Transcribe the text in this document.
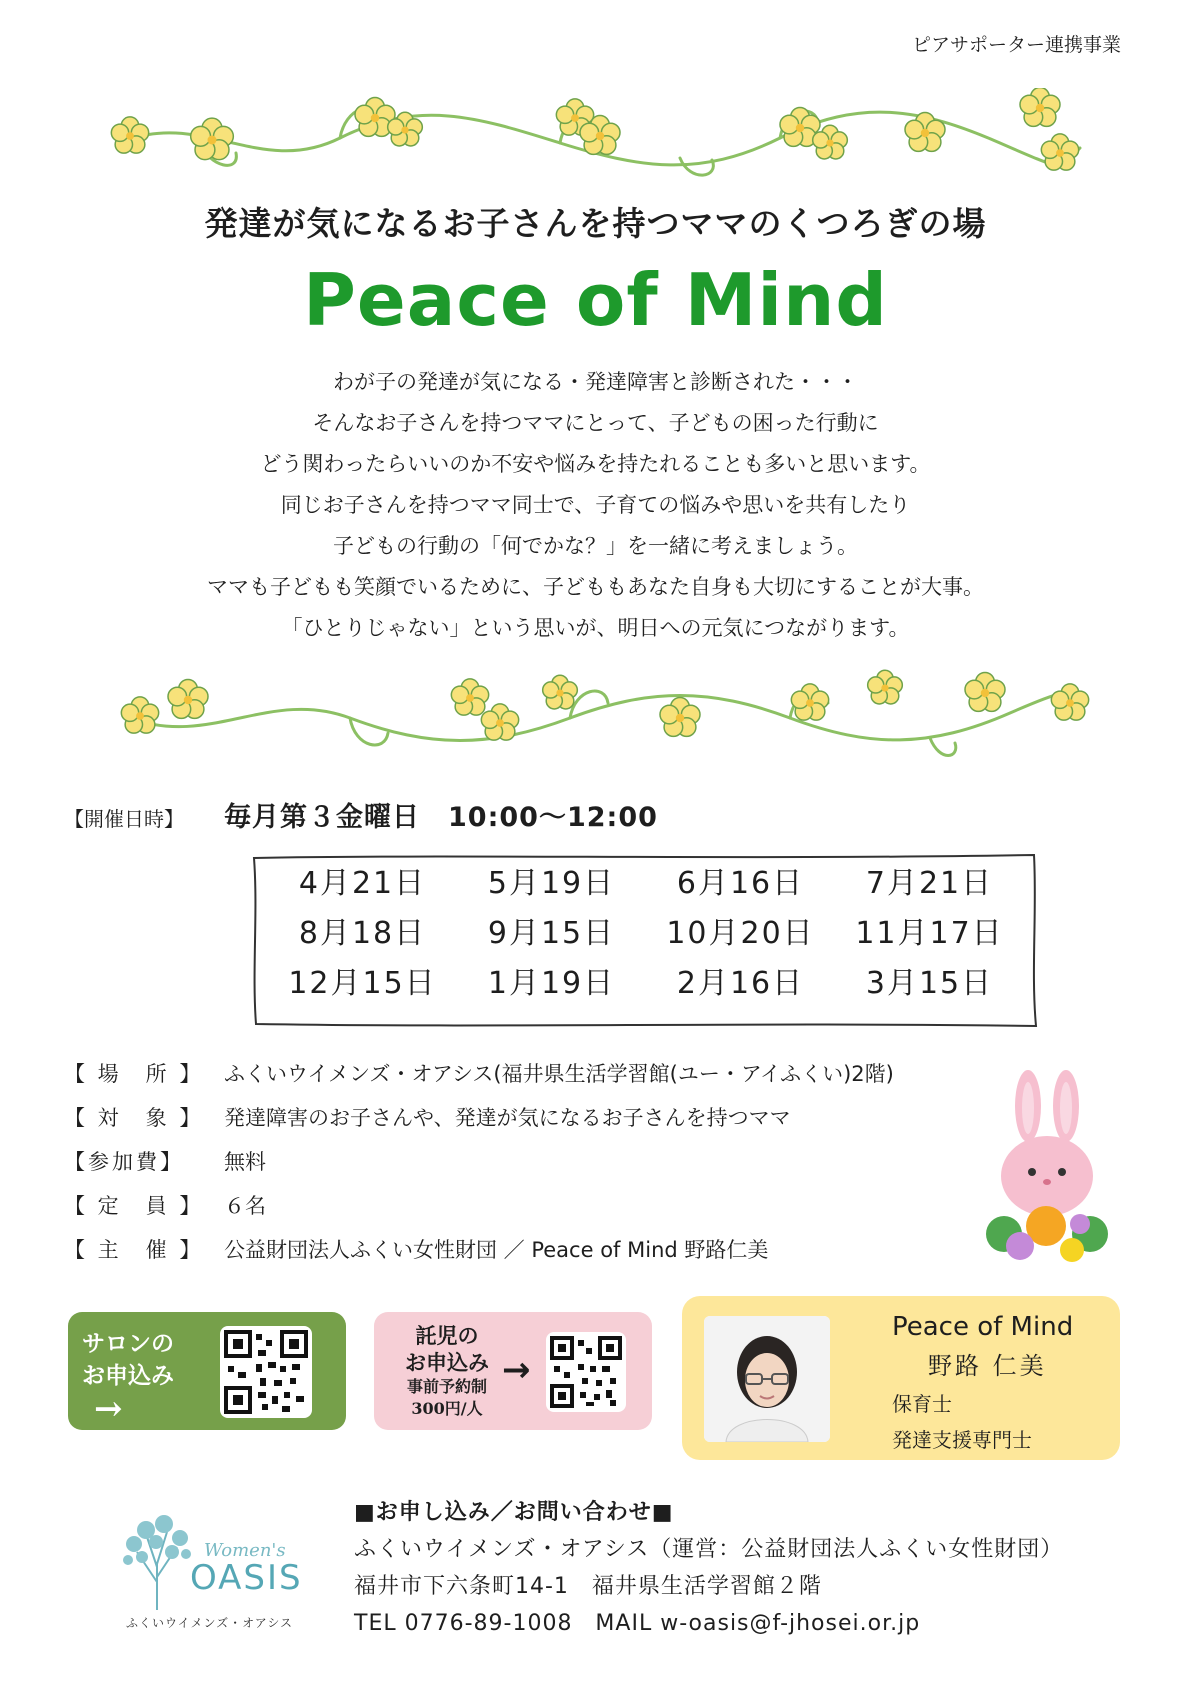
ピアサポーター連携事業
発達が気になるお子さんを持つママのくつろぎの場
Peace of Mind
わが子の発達が気になる・発達障害と診断された・・・
そんなお子さんを持つママにとって、子どもの困った行動に
どう関わったらいいのか不安や悩みを持たれることも多いと思います。
同じお子さんを持つママ同士で、子育ての悩みや思いを共有したり
子どもの行動の「何でかな？」を一緒に考えましょう。
ママも子どもも笑顔でいるために、子どももあなた自身も大切にすることが大事。
「ひとりじゃない」という思いが、明日への元気につながります。
【開催日時】 毎月第３金曜日　10:00〜12:00
4月21日	5月19日	6月16日	7月21日
8月18日	9月15日	10月20日	11月17日
12月15日	1月19日	2月16日	3月15日
【 場　所 】 ふくいウイメンズ・オアシス(福井県生活学習館(ユー・アイふくい)2階)
【 対　象 】 発達障害のお子さんや、発達が気になるお子さんを持つママ
【参加費】	無料
【 定　員 】 ６名
【 主　催 】 公益財団法人ふくい女性財団 ／ Peace of Mind 野路仁美
サロンの
お申込み
→
託児の
お申込み
事前予約制
300円/人
→
Peace of Mind
野路 仁美
保育士
発達支援専門士
Women's
OASIS
ふくいウイメンズ・オアシス
■お申し込み／お問い合わせ■
ふくいウイメンズ・オアシス（運営：公益財団法人ふくい女性財団）
福井市下六条町14-1　福井県生活学習館２階
TEL 0776-89-1008　MAIL w-oasis@f-jhosei.or.jp
